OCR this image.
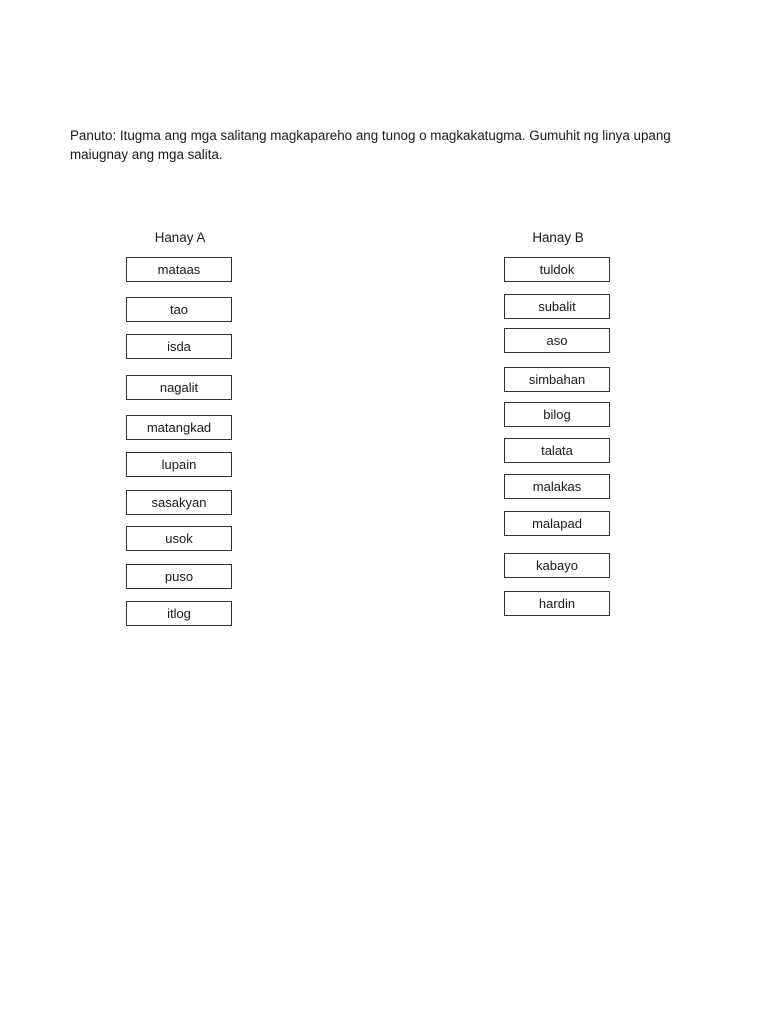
Panuto: Itugma ang mga salitang magkapareho ang tunog o magkakatugma. Gumuhit ng linya upang maiugnay ang mga salita.

Hanay A

mataas
tao
isda
nagalit
matangkad
lupain
sasakyan
usok
puso
itlog

Hanay B

tuldok
subalit
aso
simbahan
bilog
talata
malakas
malapad
kabayo
hardin
